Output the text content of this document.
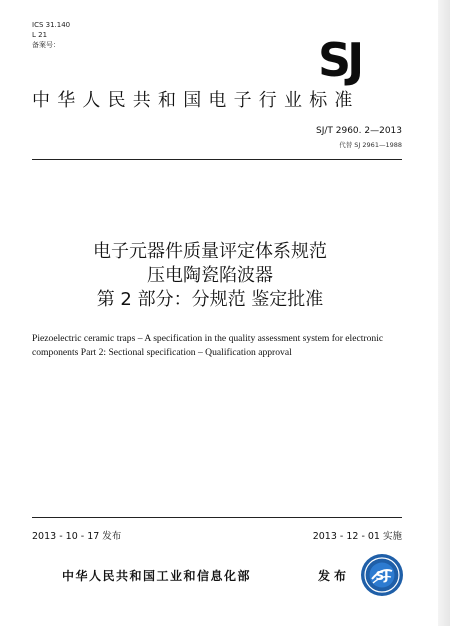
ICS 31.140
L 21
备案号：	SJ
中华人民共和国电子行业标准
SJ/T 2960. 2—2013
代替 SJ 2961—1988
电子元器件质量评定体系规范
压电陶瓷陷波器
第 2 部分：分规范 鉴定批准
Piezoelectric ceramic traps – A specification in the quality assessment system for electronic components Part 2: Sectional specification – Qualification approval
2013 - 10 - 17 发布	2013 - 12 - 01 实施
中华人民共和国工业和信息化部	发布 SJ
